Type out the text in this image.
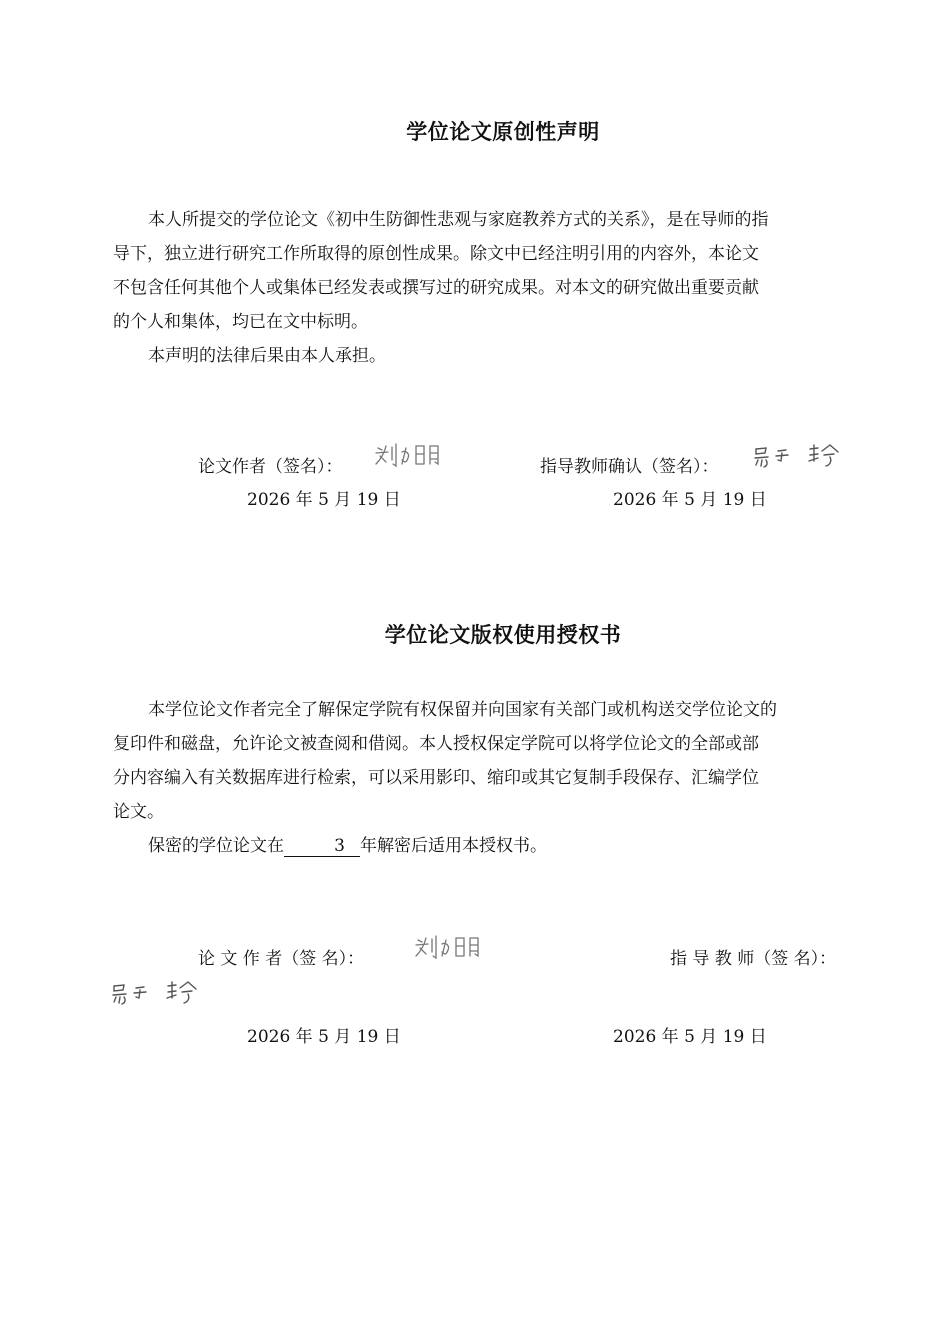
学位论文原创性声明
本人所提交的学位论文《初中生防御性悲观与家庭教养方式的关系》，是在导师的指
导下，独立进行研究工作所取得的原创性成果。除文中已经注明引用的内容外，本论文
不包含任何其他个人或集体已经发表或撰写过的研究成果。对本文的研究做出重要贡献
的个人和集体，均已在文中标明。
本声明的法律后果由本人承担。
论文作者（签名）：	指导教师确认（签名）：
2026 年 5 月 19 日	2026 年 5 月 19 日
学位论文版权使用授权书
本学位论文作者完全了解保定学院有权保留并向国家有关部门或机构送交学位论文的
复印件和磁盘，允许论文被查阅和借阅。本人授权保定学院可以将学位论文的全部或部
分内容编入有关数据库进行检索，可以采用影印、缩印或其它复制手段保存、汇编学位
论文。
保密的学位论文在	3 年解密后适用本授权书。
论 文 作 者（签 名）：	指 导 教 师（签 名）：
2026 年 5 月 19 日	2026 年 5 月 19 日
